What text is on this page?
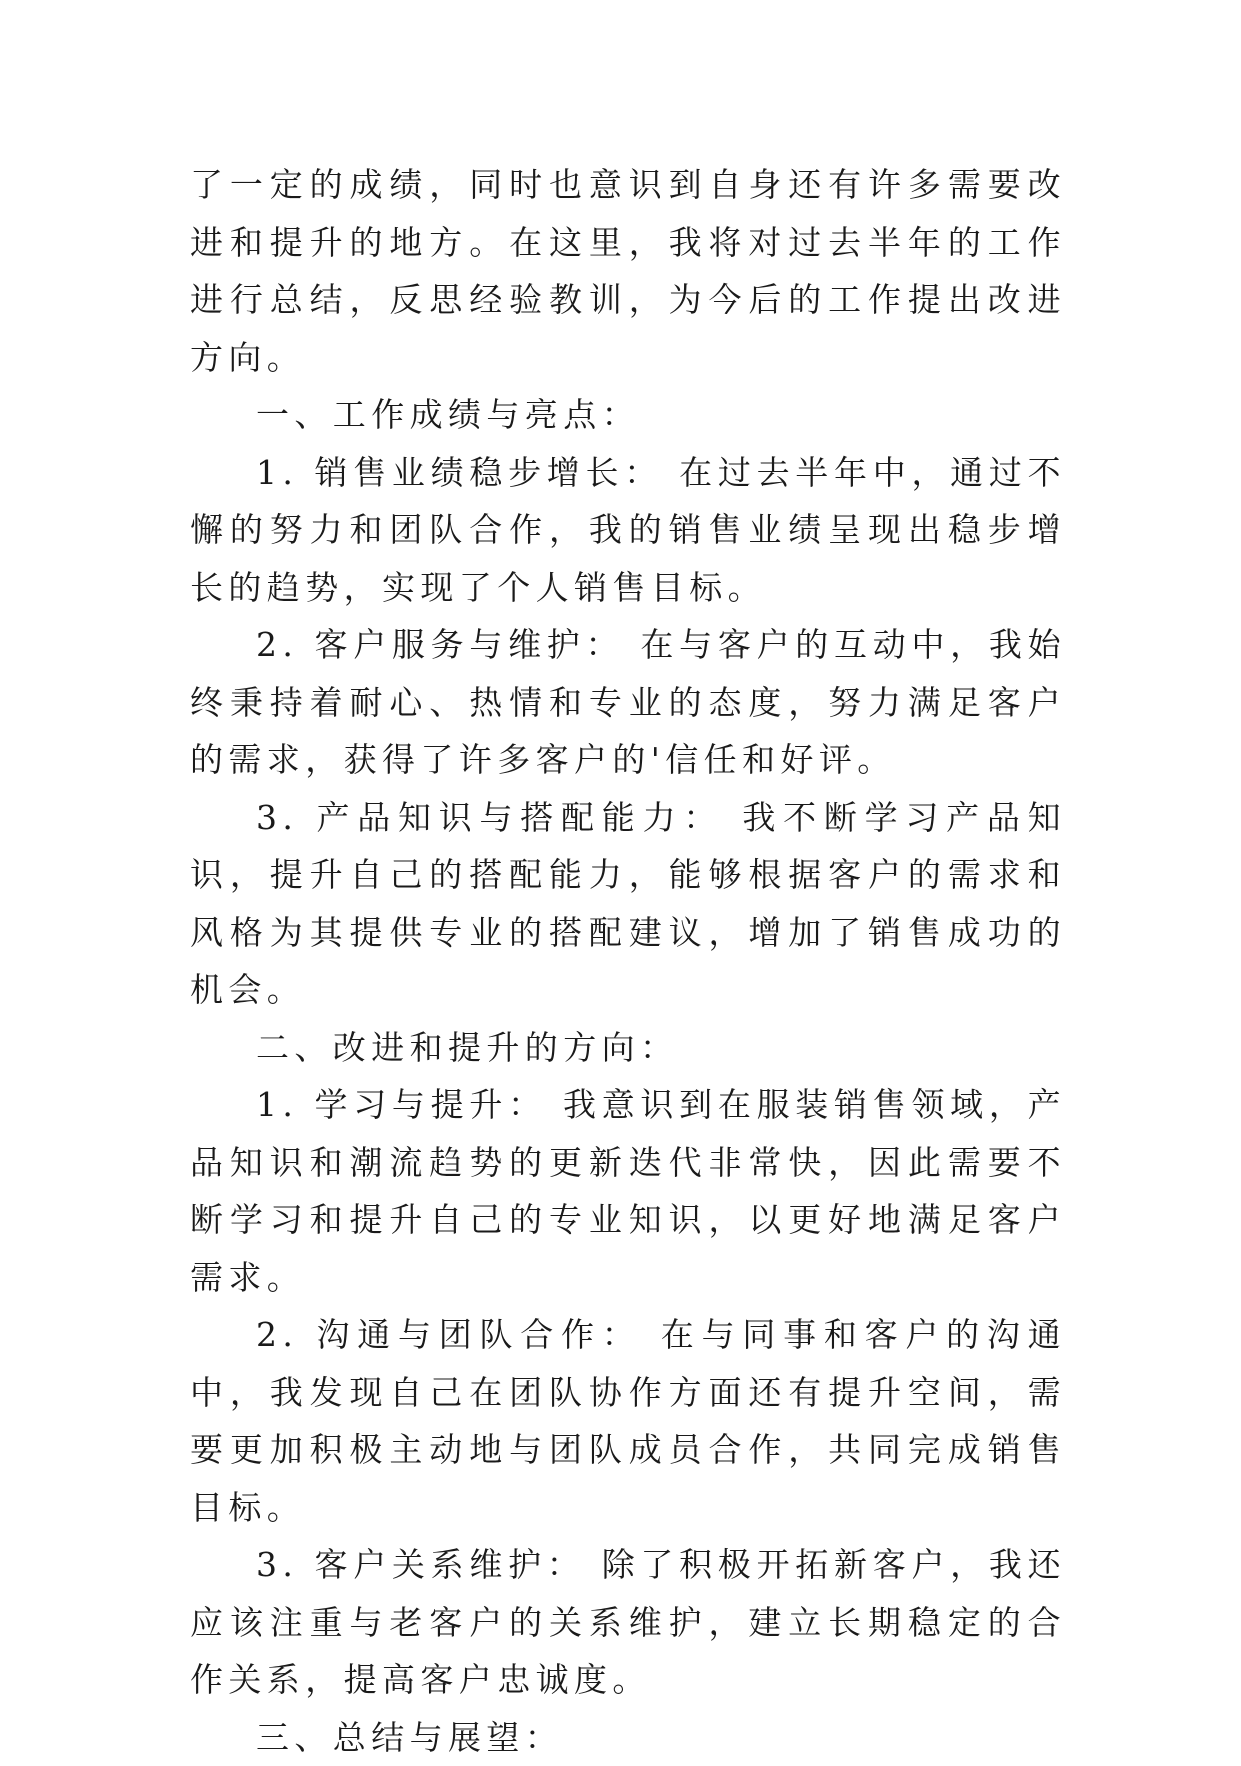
了一定的成绩，同时也意识到自身还有许多需要改进和提升的地方。在这里，我将对过去半年的工作进行总结，反思经验教训，为今后的工作提出改进方向。

一、工作成绩与亮点：

1. 销售业绩稳步增长： 在过去半年中，通过不懈的努力和团队合作，我的销售业绩呈现出稳步增长的趋势，实现了个人销售目标。

2. 客户服务与维护： 在与客户的互动中，我始终秉持着耐心、热情和专业的态度，努力满足客户的需求，获得了许多客户的'信任和好评。

3. 产品知识与搭配能力： 我不断学习产品知识，提升自己的搭配能力，能够根据客户的需求和风格为其提供专业的搭配建议，增加了销售成功的机会。

二、改进和提升的方向：

1. 学习与提升： 我意识到在服装销售领域，产品知识和潮流趋势的更新迭代非常快，因此需要不断学习和提升自己的专业知识，以更好地满足客户需求。

2. 沟通与团队合作： 在与同事和客户的沟通中，我发现自己在团队协作方面还有提升空间，需要更加积极主动地与团队成员合作，共同完成销售目标。

3. 客户关系维护： 除了积极开拓新客户，我还应该注重与老客户的关系维护，建立长期稳定的合作关系，提高客户忠诚度。

三、总结与展望：
